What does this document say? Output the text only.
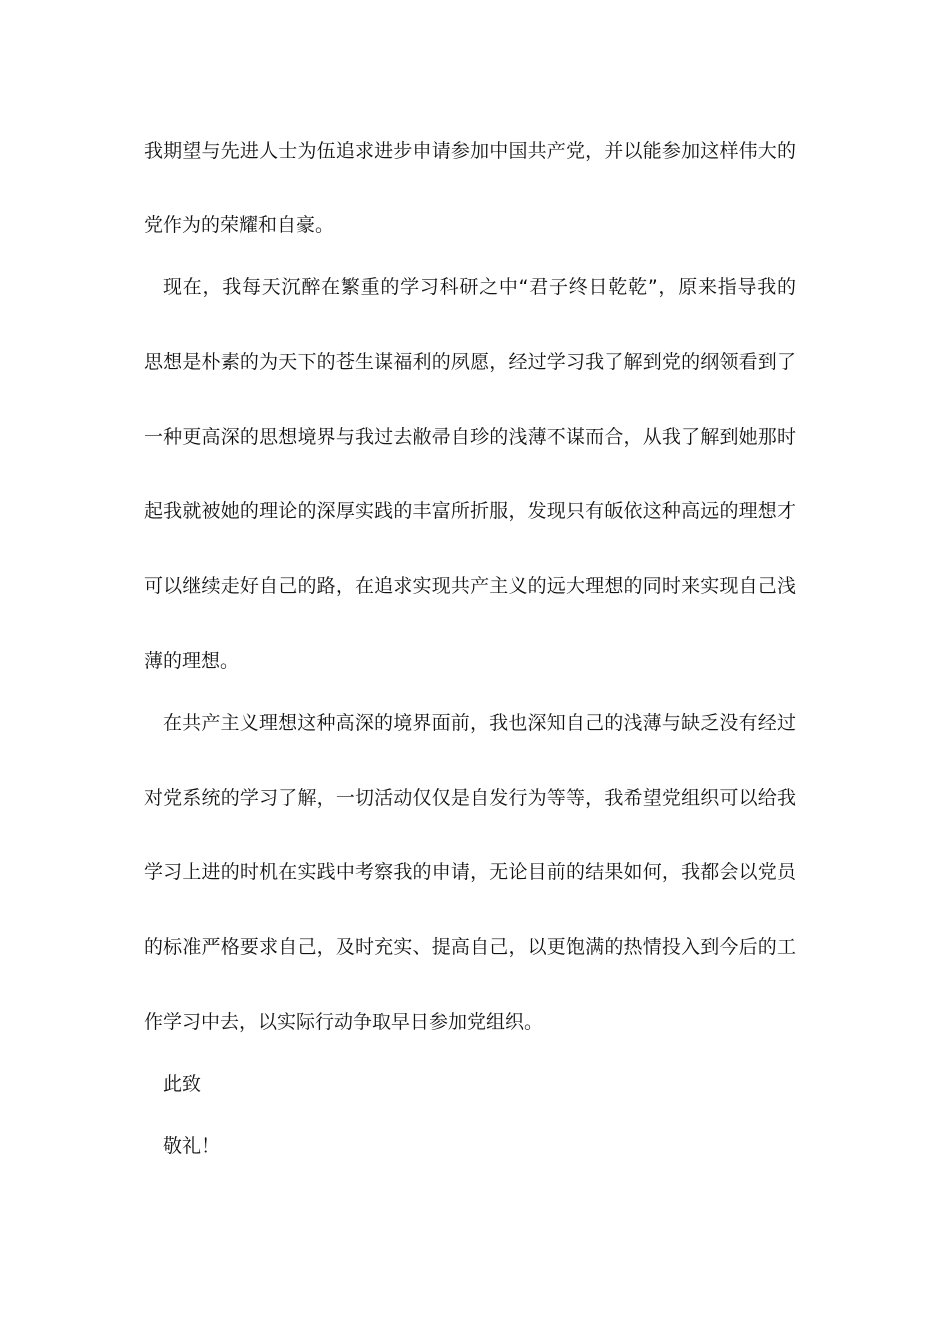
我期望与先进人士为伍追求进步申请参加中国共产党，并以能参加这样伟大的
党作为的荣耀和自豪。
现在，我每天沉醉在繁重的学习科研之中“君子终日乾乾”，原来指导我的
思想是朴素的为天下的苍生谋福利的夙愿，经过学习我了解到党的纲领看到了
一种更高深的思想境界与我过去敝帚自珍的浅薄不谋而合，从我了解到她那时
起我就被她的理论的深厚实践的丰富所折服，发现只有皈依这种高远的理想才
可以继续走好自己的路，在追求实现共产主义的远大理想的同时来实现自己浅
薄的理想。
在共产主义理想这种高深的境界面前，我也深知自己的浅薄与缺乏没有经过
对党系统的学习了解，一切活动仅仅是自发行为等等，我希望党组织可以给我
学习上进的时机在实践中考察我的申请，无论目前的结果如何，我都会以党员
的标准严格要求自己，及时充实、提高自己，以更饱满的热情投入到今后的工
作学习中去，以实际行动争取早日参加党组织。
此致
敬礼！
